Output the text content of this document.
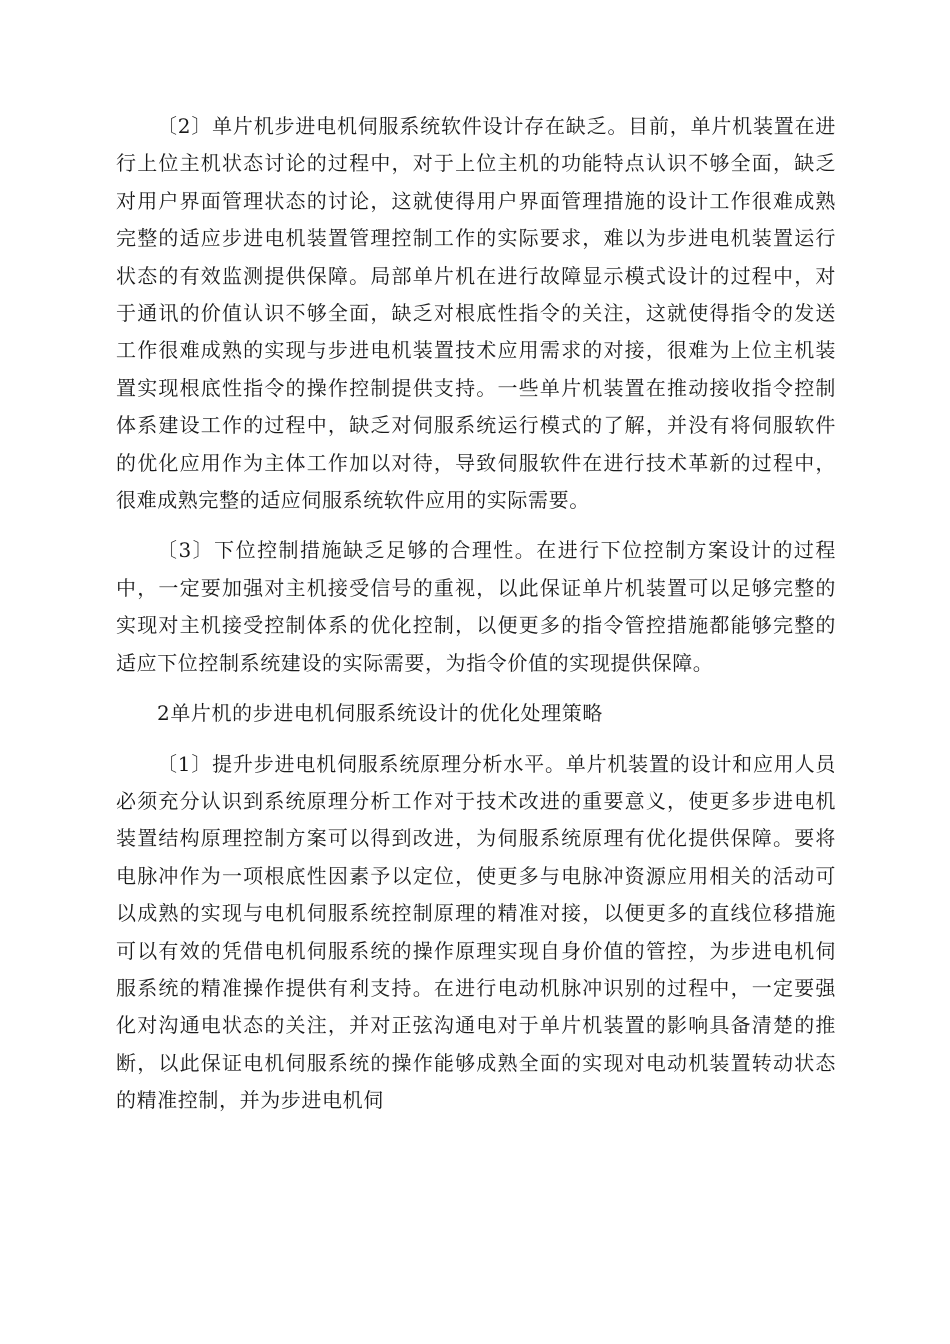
〔2〕单片机步进电机伺服系统软件设计存在缺乏。目前，单片机装置在进行上位主机状态讨论的过程中，对于上位主机的功能特点认识不够全面，缺乏对用户界面管理状态的讨论，这就使得用户界面管理措施的设计工作很难成熟完整的适应步进电机装置管理控制工作的实际要求，难以为步进电机装置运行状态的有效监测提供保障。局部单片机在进行故障显示模式设计的过程中，对于通讯的价值认识不够全面，缺乏对根底性指令的关注，这就使得指令的发送工作很难成熟的实现与步进电机装置技术应用需求的对接，很难为上位主机装置实现根底性指令的操作控制提供支持。一些单片机装置在推动接收指令控制体系建设工作的过程中，缺乏对伺服系统运行模式的了解，并没有将伺服软件的优化应用作为主体工作加以对待，导致伺服软件在进行技术革新的过程中，很难成熟完整的适应伺服系统软件应用的实际需要。

〔3〕下位控制措施缺乏足够的合理性。在进行下位控制方案设计的过程中，一定要加强对主机接受信号的重视，以此保证单片机装置可以足够完整的实现对主机接受控制体系的优化控制，以便更多的指令管控措施都能够完整的适应下位控制系统建设的实际需要，为指令价值的实现提供保障。

2单片机的步进电机伺服系统设计的优化处理策略

〔1〕提升步进电机伺服系统原理分析水平。单片机装置的设计和应用人员必须充分认识到系统原理分析工作对于技术改进的重要意义，使更多步进电机装置结构原理控制方案可以得到改进，为伺服系统原理有优化提供保障。要将电脉冲作为一项根底性因素予以定位，使更多与电脉冲资源应用相关的活动可以成熟的实现与电机伺服系统控制原理的精准对接，以便更多的直线位移措施可以有效的凭借电机伺服系统的操作原理实现自身价值的管控，为步进电机伺服系统的精准操作提供有利支持。在进行电动机脉冲识别的过程中，一定要强化对沟通电状态的关注，并对正弦沟通电对于单片机装置的影响具备清楚的推断，以此保证电机伺服系统的操作能够成熟全面的实现对电动机装置转动状态的精准控制，并为步进电机伺
